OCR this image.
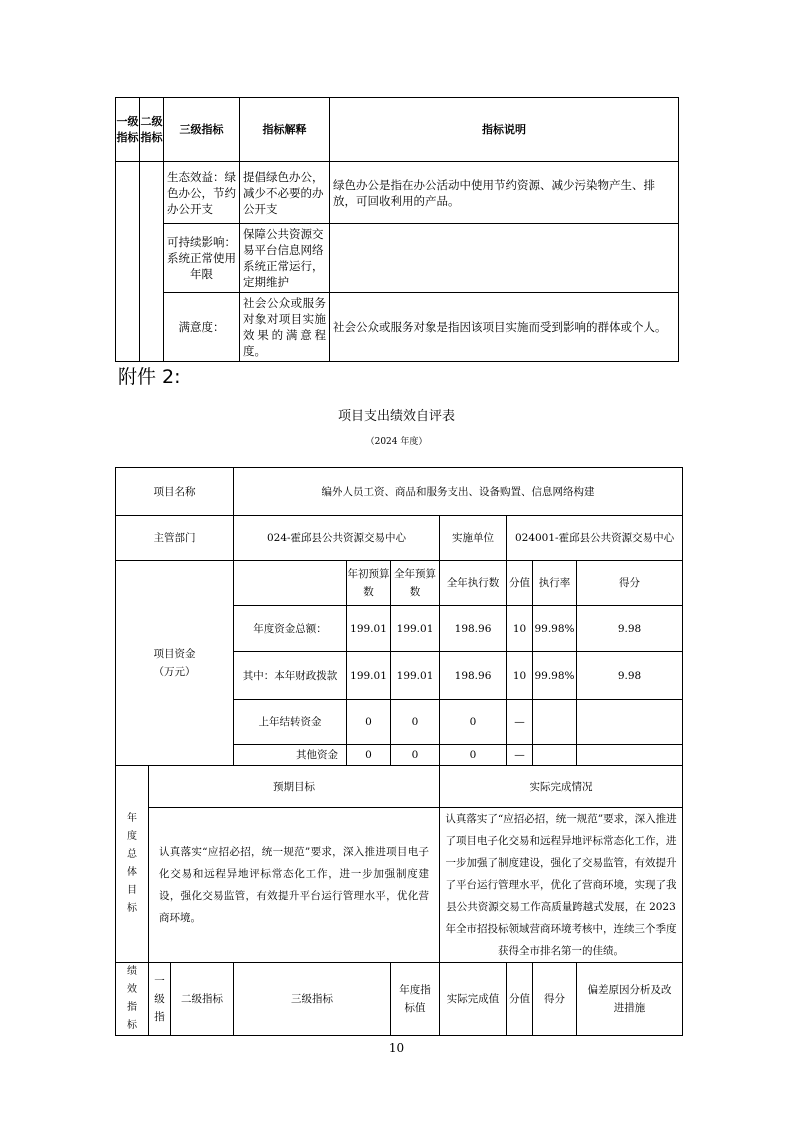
一级指标	二级指标	三级指标	指标解释	指标说明
		生态效益：绿色办公，节约办公开支	提倡绿色办公，减少不必要的办公开支	绿色办公是指在办公活动中使用节约资源、减少污染物产生、排放，可回收利用的产品。
		可持续影响：系统正常使用年限	保障公共资源交易平台信息网络系统正常运行，定期维护	
		满意度：	社会公众或服务对象对项目实施效果的满意程度。	社会公众或服务对象是指因该项目实施而受到影响的群体或个人。
附件 2:
项目支出绩效自评表
（2024 年度）
项目名称			编外人员工资、商品和服务支出、设备购置、信息网络构建						
主管部门			024-霍邱县公共资源交易中心			实施单位	024001-霍邱县公共资源交易中心		

项目资金
（万元）				年初预算数	全年预算数	全年执行数	分值	执行率	得分
			年度资金总额：	199.01	199.01	198.96	10	99.98%	9.98
			其中：本年财政拨款	199.01	199.01	198.96	10	99.98%	9.98
			上年结转资金	0	0	0	—		
			其他资金	0	0	0	—		
年度总体目标	预期目标					实际完成情况			
	认真落实“应招必招，统一规范”要求，深入推进项目电子化交易和远程异地评标常态化工作，进一步加强制度建设，强化交易监管，有效提升平台运行管理水平，优化营商环境。					认真落实了“应招必招，统一规范”要求，深入推进了项目电子化交易和远程异地评标常态化工作，进一步加强了制度建设，强化了交易监管，有效提升了平台运行管理水平，优化了营商环境，实现了我县公共资源交易工作高质量跨越式发展，在 2023 年全市招投标领域营商环境考核中，连续三个季度获得全市排名第一的佳绩。			
绩效指标	一级指	二级指标	三级指标		年度指标值	实际完成值	分值	得分	偏差原因分析及改进措施
10
